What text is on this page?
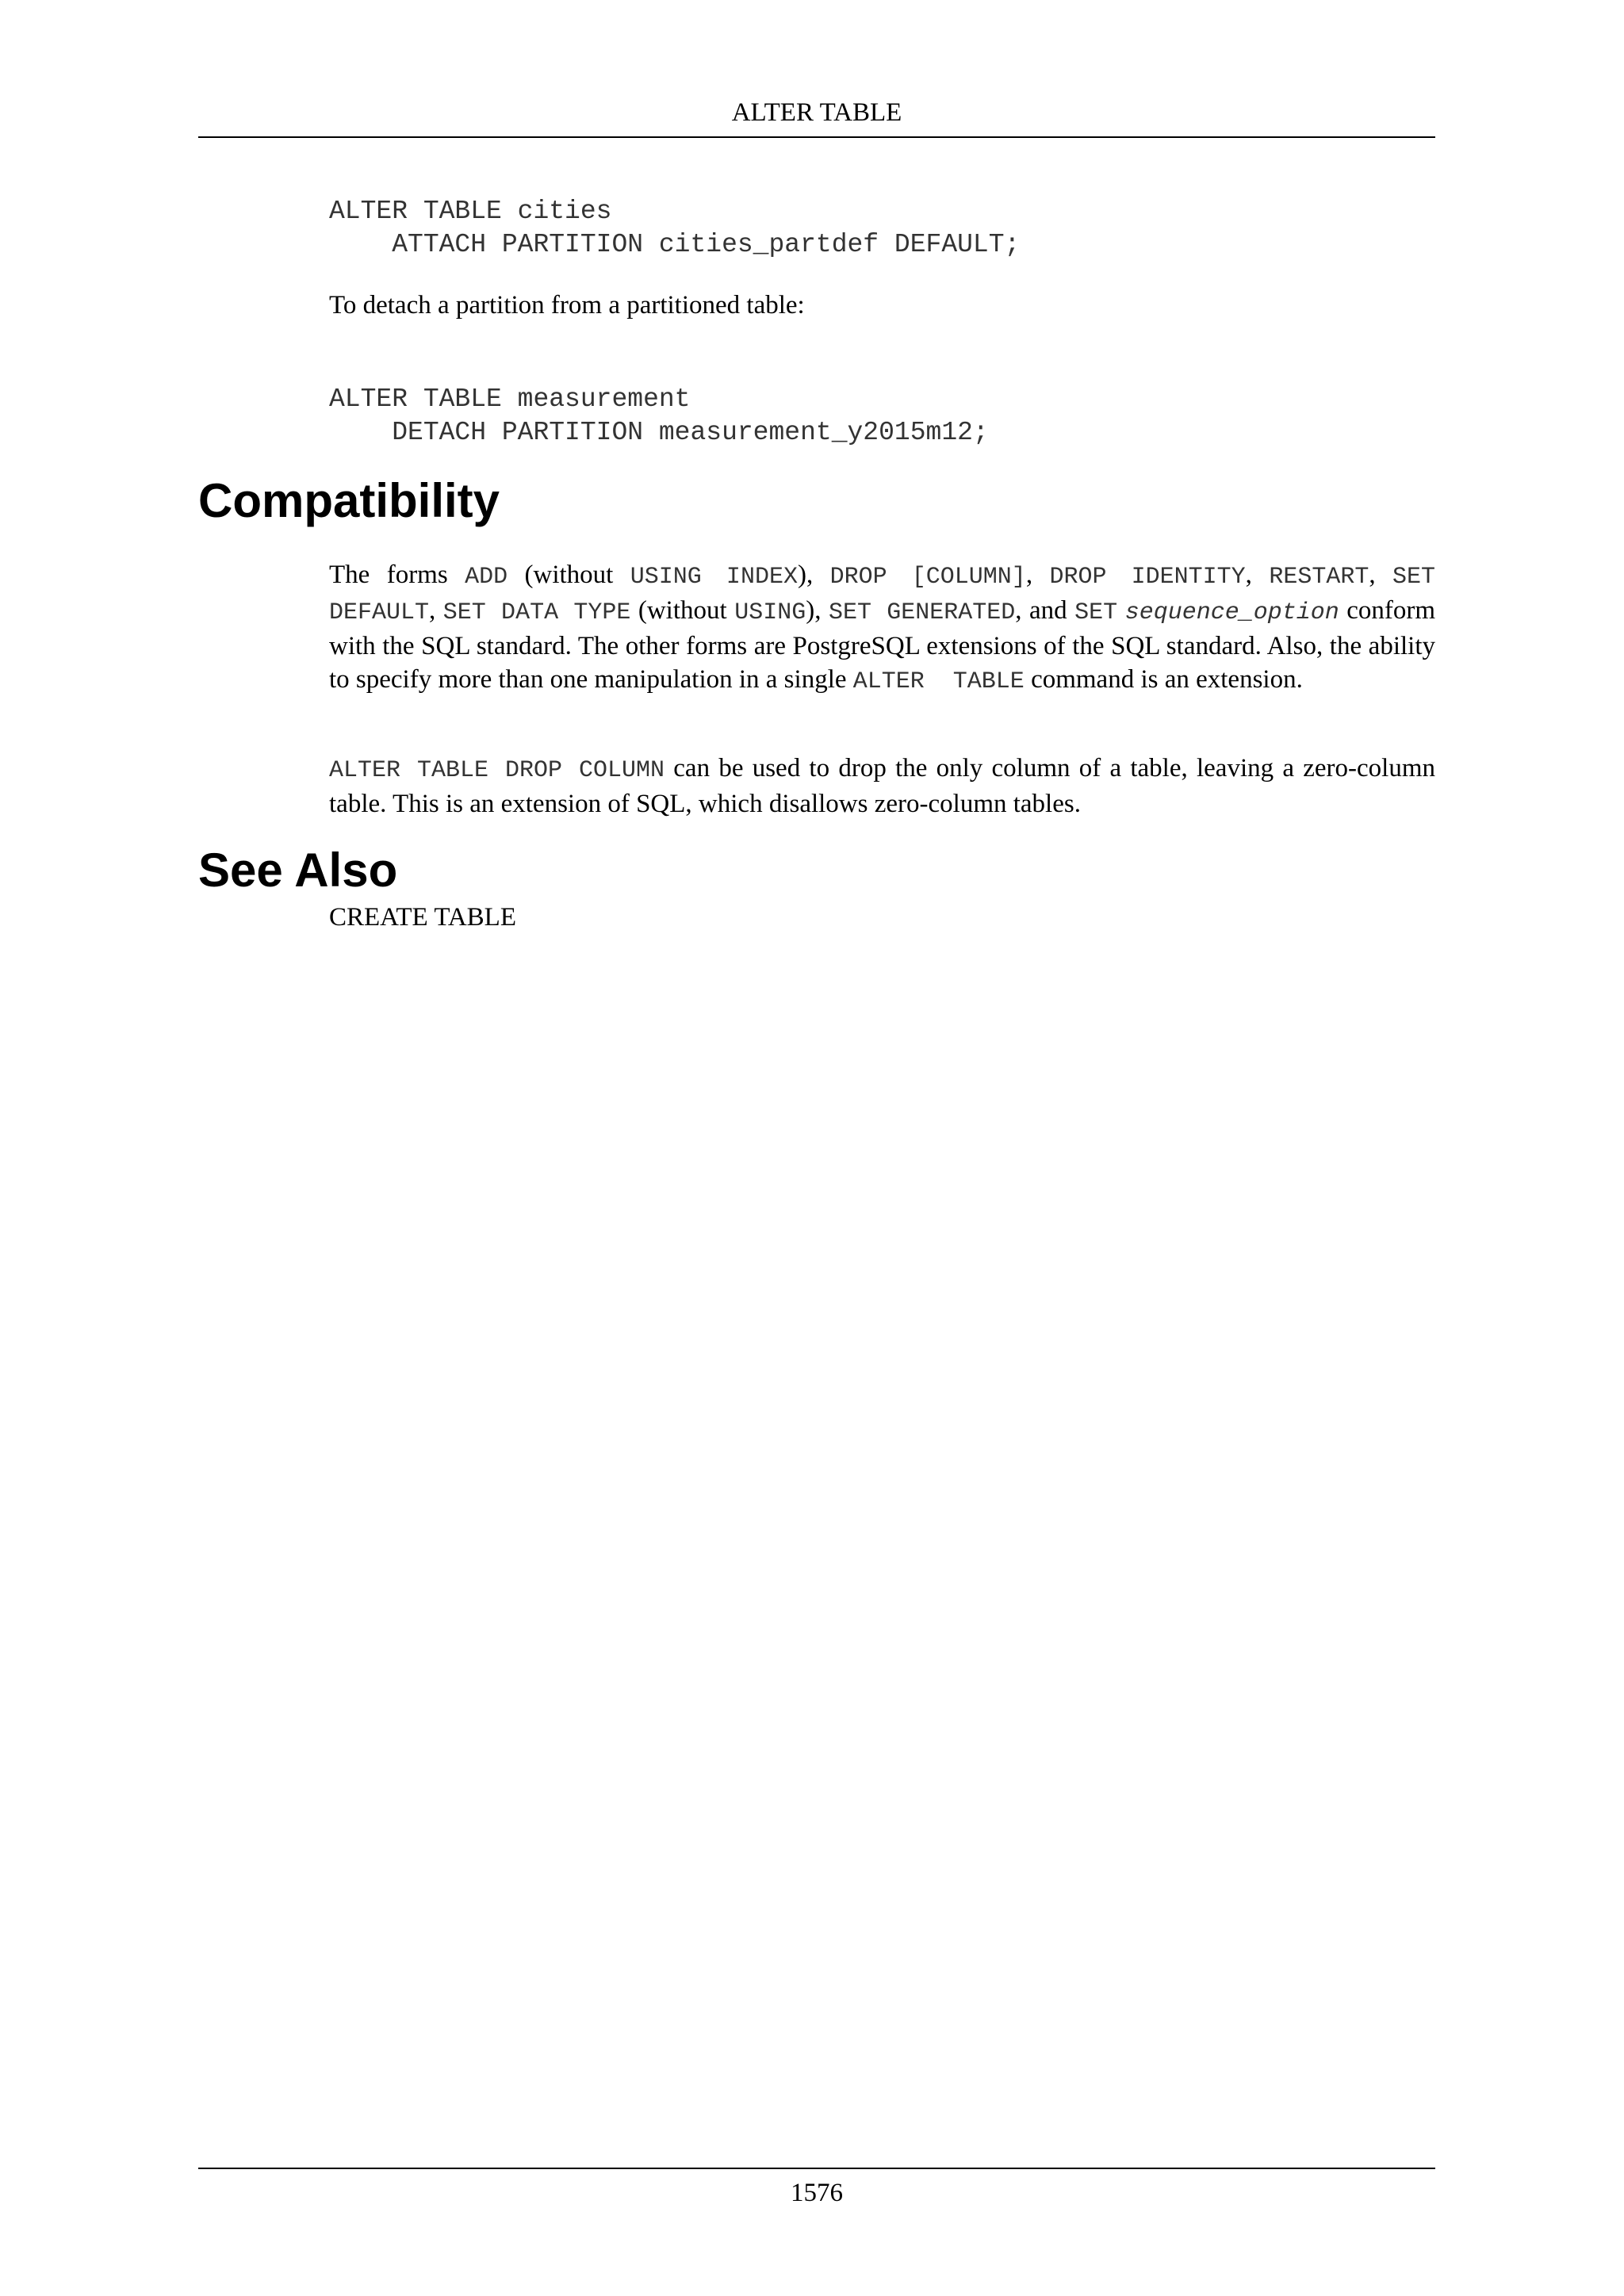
ALTER TABLE
ALTER TABLE cities
ATTACH PARTITION cities_partdef DEFAULT;

To detach a partition from a partitioned table:

ALTER TABLE measurement
DETACH PARTITION measurement_y2015m12;
Compatibility

The forms ADD (without USING INDEX), DROP [COLUMN], DROP IDENTITY, RESTART, SET DEFAULT, SET DATA TYPE (without USING), SET GENERATED, and SET sequence_option conform with the SQL standard. The other forms are PostgreSQL extensions of the SQL standard. Also, the ability to specify more than one manipulation in a single ALTER  TABLE command is an extension.

ALTER TABLE DROP COLUMN can be used to drop the only column of a table, leaving a zero-column table. This is an extension of SQL, which disallows zero-column tables.

See Also

CREATE TABLE

1576
